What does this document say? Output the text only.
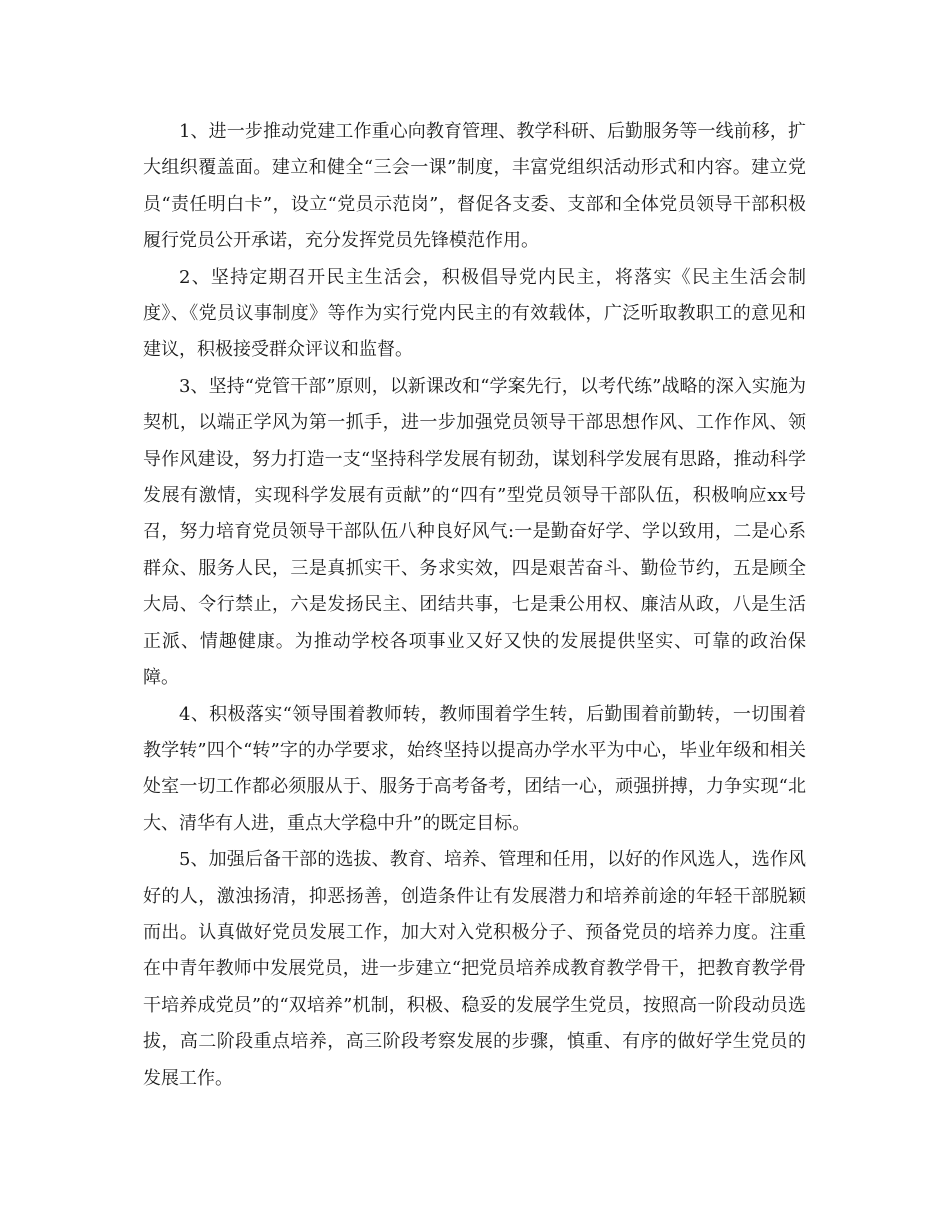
1、进一步推动党建工作重心向教育管理、教学科研、后勤服务等一线前移，扩大组织覆盖面。建立和健全“三会一课”制度，丰富党组织活动形式和内容。建立党员“责任明白卡”，设立“党员示范岗”，督促各支委、支部和全体党员领导干部积极履行党员公开承诺，充分发挥党员先锋模范作用。

2、坚持定期召开民主生活会，积极倡导党内民主，将落实《民主生活会制度》、《党员议事制度》等作为实行党内民主的有效载体，广泛听取教职工的意见和建议，积极接受群众评议和监督。

3、坚持“党管干部”原则，以新课改和“学案先行，以考代练”战略的深入实施为契机，以端正学风为第一抓手，进一步加强党员领导干部思想作风、工作作风、领导作风建设，努力打造一支“坚持科学发展有韧劲，谋划科学发展有思路，推动科学发展有激情，实现科学发展有贡献”的“四有”型党员领导干部队伍，积极响应xx号召，努力培育党员领导干部队伍八种良好风气:一是勤奋好学、学以致用，二是心系群众、服务人民，三是真抓实干、务求实效，四是艰苦奋斗、勤俭节约，五是顾全大局、令行禁止，六是发扬民主、团结共事，七是秉公用权、廉洁从政，八是生活正派、情趣健康。为推动学校各项事业又好又快的发展提供坚实、可靠的政治保障。

4、积极落实“领导围着教师转，教师围着学生转，后勤围着前勤转，一切围着教学转”四个“转”字的办学要求，始终坚持以提高办学水平为中心，毕业年级和相关处室一切工作都必须服从于、服务于高考备考，团结一心，顽强拼搏，力争实现“北大、清华有人进，重点大学稳中升”的既定目标。

5、加强后备干部的选拔、教育、培养、管理和任用，以好的作风选人，选作风好的人，激浊扬清，抑恶扬善，创造条件让有发展潜力和培养前途的年轻干部脱颖而出。认真做好党员发展工作，加大对入党积极分子、预备党员的培养力度。注重在中青年教师中发展党员，进一步建立“把党员培养成教育教学骨干，把教育教学骨干培养成党员”的“双培养”机制，积极、稳妥的发展学生党员，按照高一阶段动员选拔，高二阶段重点培养，高三阶段考察发展的步骤，慎重、有序的做好学生党员的发展工作。
